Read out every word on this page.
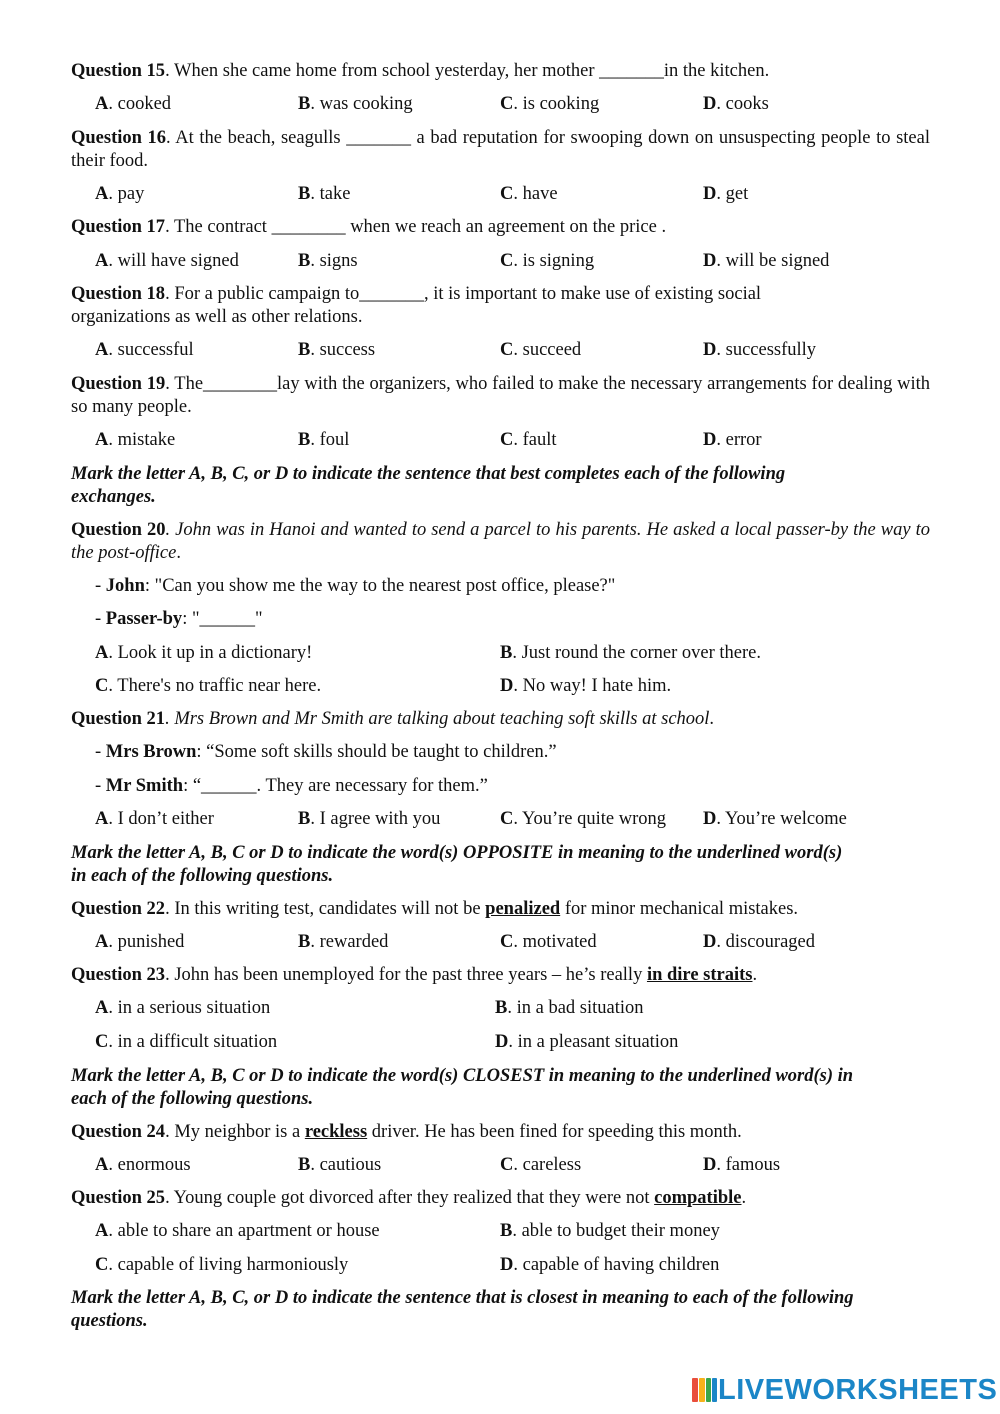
Question 15. When she came home from school yesterday, her mother _______in the kitchen.
A. cooked	B. was cooking	C. is cooking	D. cooks
Question 16. At the beach, seagulls _______ a bad reputation for swooping down on unsuspecting people to steal their food.
A. pay	B. take	C. have	D. get
Question 17. The contract ________ when we reach an agreement on the price .
A. will have signed	B. signs	C. is signing	D. will be signed
Question 18. For a public campaign to_______, it is important to make use of existing social
organizations as well as other relations.
A. successful	B. success	C. succeed	D. successfully
Question 19. The________lay with the organizers, who failed to make the necessary arrangements for dealing with so many people.
A. mistake	B. foul	C. fault	D. error
Mark the letter A, B, C, or D to indicate the sentence that best completes each of the following
exchanges.
Question 20. John was in Hanoi and wanted to send a parcel to his parents. He asked a local passer-by the way to the post-office.
- John: "Can you show me the way to the nearest post office, please?"
- Passer-by: "______"
A. Look it up in a dictionary!	B. Just round the corner over there.
C. There's no traffic near here.	D. No way! I hate him.
Question 21. Mrs Brown and Mr Smith are talking about teaching soft skills at school.
- Mrs Brown: “Some soft skills should be taught to children.”
- Mr Smith: “______. They are necessary for them.”
A. I don’t either	B. I agree with you	C. You’re quite wrong D. You’re welcome
Mark the letter A, B, C or D to indicate the word(s) OPPOSITE in meaning to the underlined word(s)
in each of the following questions.
Question 22. In this writing test, candidates will not be penalized for minor mechanical mistakes.
A. punished	B. rewarded	C. motivated	D. discouraged
Question 23. John has been unemployed for the past three years – he’s really in dire straits.
A. in a serious situation	B. in a bad situation
C. in a difficult situation	D. in a pleasant situation
Mark the letter A, B, C or D to indicate the word(s) CLOSEST in meaning to the underlined word(s) in
each of the following questions.
Question 24. My neighbor is a reckless driver. He has been fined for speeding this month.
A. enormous	B. cautious	C. careless	D. famous
Question 25. Young couple got divorced after they realized that they were not compatible.
A. able to share an apartment or house	B. able to budget their money
C. capable of living harmoniously	D. capable of having children
Mark the letter A, B, C, or D to indicate the sentence that is closest in meaning to each of the following
questions.
LIVEWORKSHEETS
